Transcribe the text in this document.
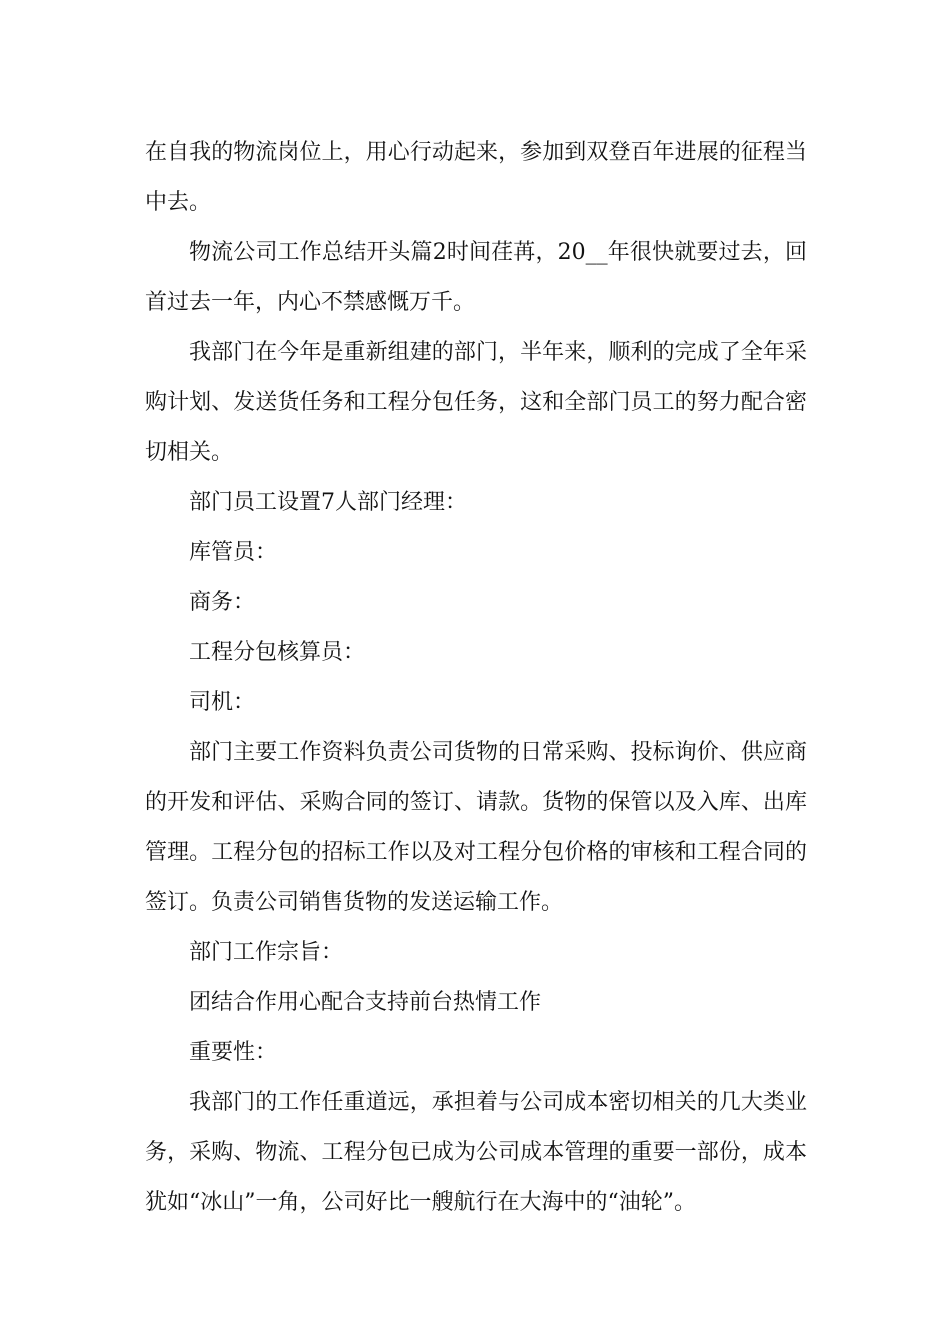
在自我的物流岗位上，用心行动起来，参加到双登百年进展的征程当中去。

物流公司工作总结开头篇2时间荏苒，20__年很快就要过去，回首过去一年，内心不禁感慨万千。

我部门在今年是重新组建的部门，半年来，顺利的完成了全年采购计划、发送货任务和工程分包任务，这和全部门员工的努力配合密切相关。

部门员工设置7人部门经理：

库管员：

商务：

工程分包核算员：

司机：

部门主要工作资料负责公司货物的日常采购、投标询价、供应商的开发和评估、采购合同的签订、请款。货物的保管以及入库、出库管理。工程分包的招标工作以及对工程分包价格的审核和工程合同的签订。负责公司销售货物的发送运输工作。

部门工作宗旨：

团结合作用心配合支持前台热情工作

重要性：

我部门的工作任重道远，承担着与公司成本密切相关的几大类业务，采购、物流、工程分包已成为公司成本管理的重要一部份，成本犹如“冰山”一角，公司好比一艘航行在大海中的“油轮”。
